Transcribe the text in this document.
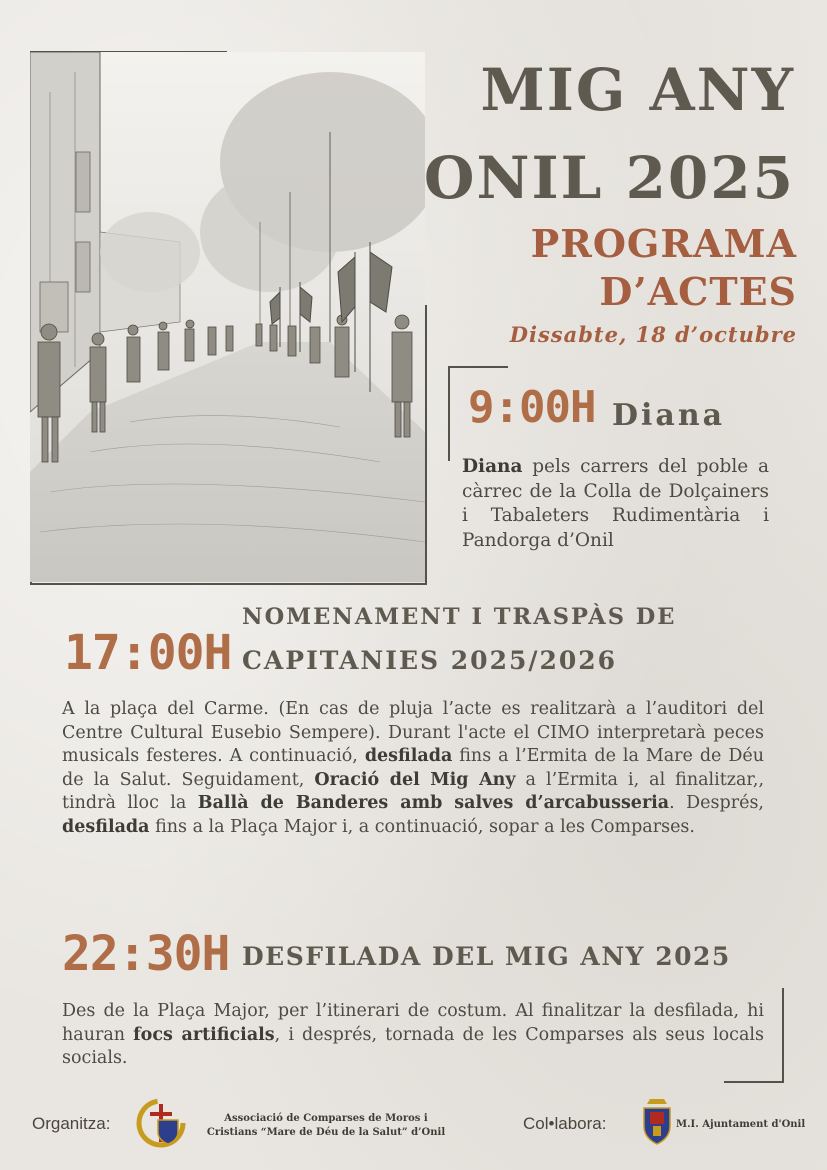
MIG ANY
ONIL 2025
PROGRAMA
D’ACTES
Dissabte, 18 d’octubre
9:00H Diana
Diana pels carrers del poble a càrrec de la Colla de Dolçainers i Tabaleters Rudimentària i Pandorga d’Onil
17:00H
NOMENAMENT I TRASPÀS DE
CAPITANIES 2025/2026
A la plaça del Carme. (En cas de pluja l’acte es realitzarà a l’auditori del Centre Cultural Eusebio Sempere). Durant l'acte el CIMO interpretarà peces musicals festeres. A continuació, desfilada fins a l’Ermita de la Mare de Déu de la Salut. Seguidament, Oració del Mig Any a l’Ermita i, al finalitzar,, tindrà lloc la Ballà de Banderes amb salves d’arcabusseria. Després, desfilada fins a la Plaça Major i, a continuació, sopar a les Comparses.
22:30H DESFILADA DEL MIG ANY 2025
Des de la Plaça Major, per l’itinerari de costum. Al finalitzar la desfilada, hi hauran focs artificials, i després, tornada de les Comparses als seus locals socials.
Organitza:	Associació de Comparses de Moros i
Cristians “Mare de Déu de la Salut” d’Onil	Col•labora:	M.I. Ajuntament d'Onil
